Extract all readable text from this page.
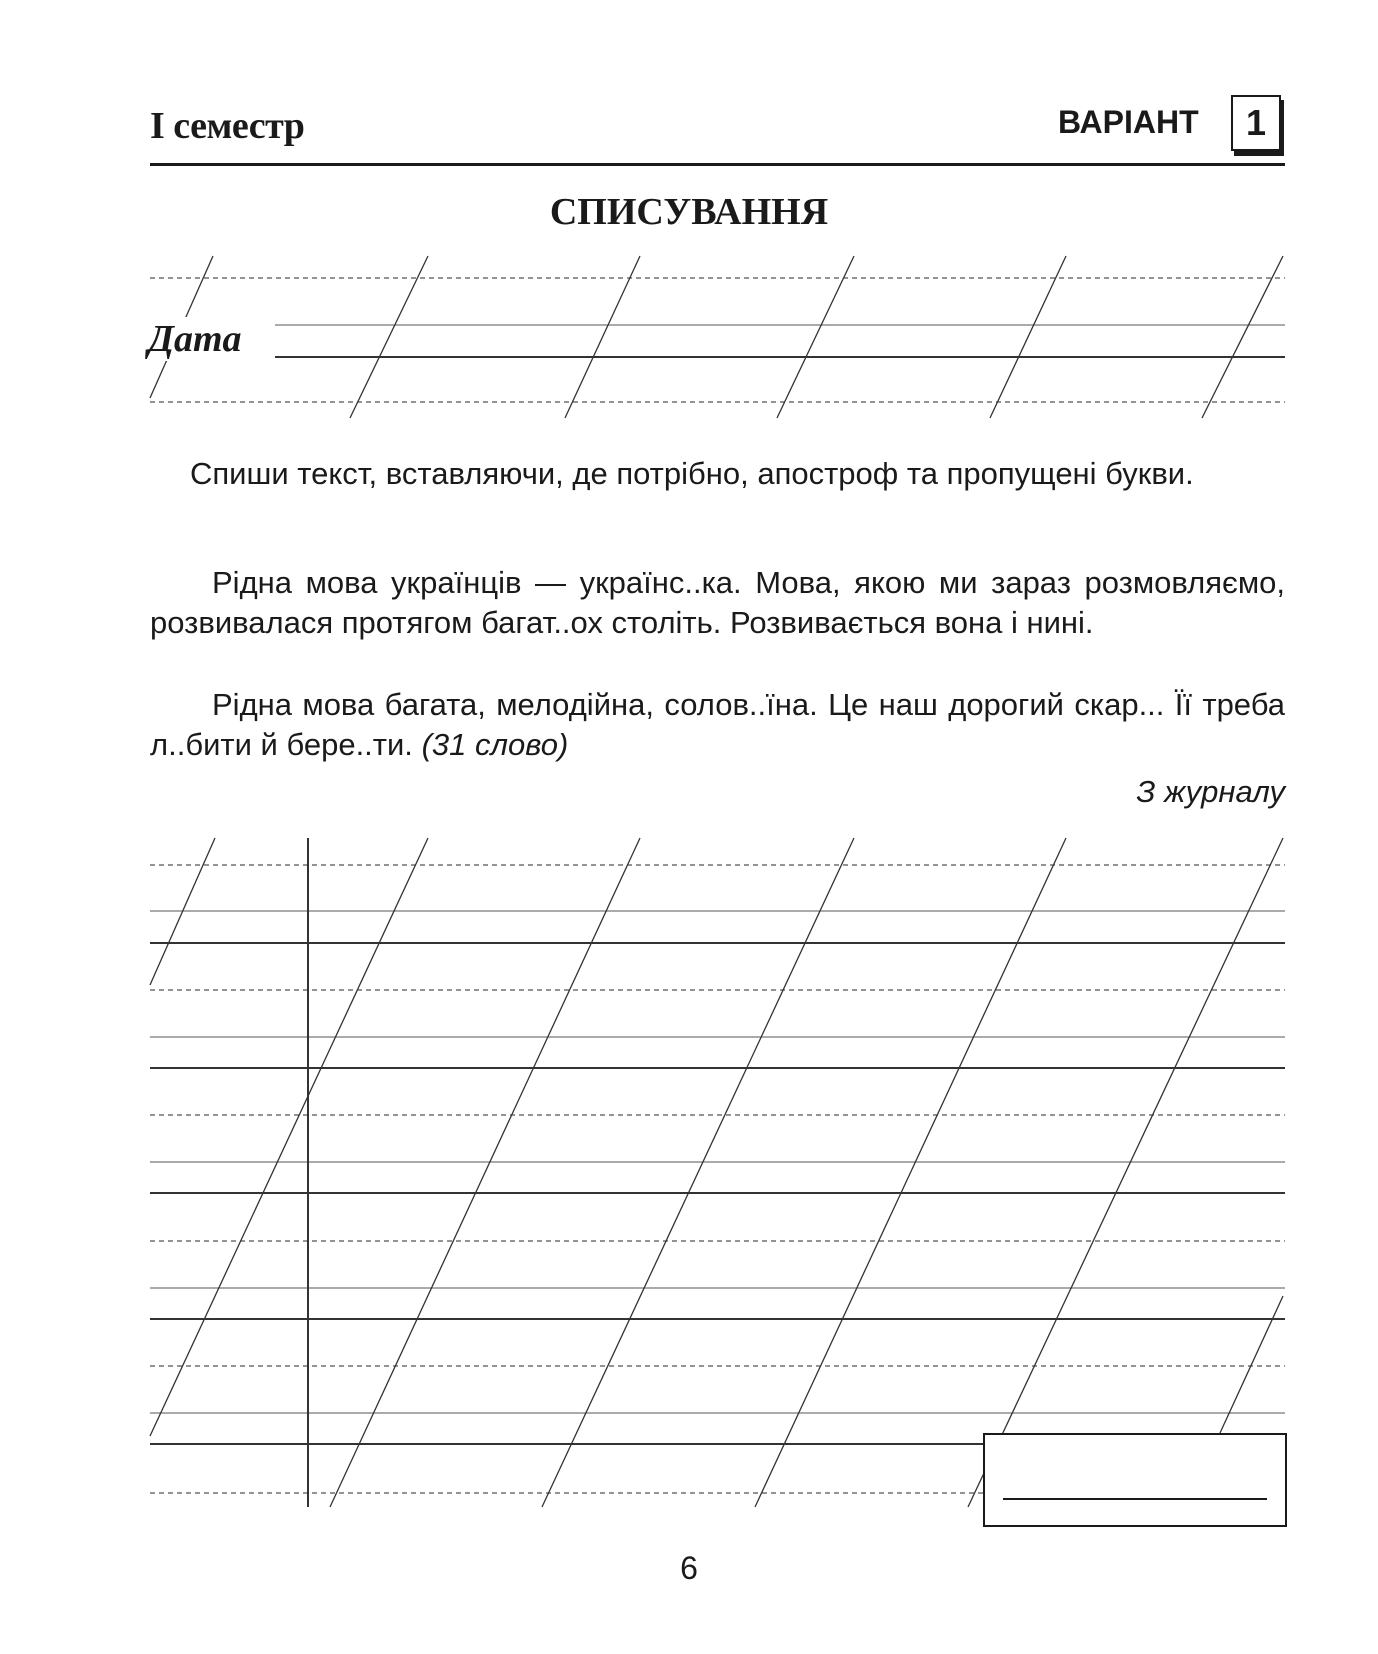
I семестр	ВАРІАНТ	1
СПИСУВАННЯ
Дата
Спиши текст, вставляючи, де потрібно, апостроф та пропущені букви.
Рідна мова українців — українс..ка. Мова, якою ми зараз розмовляємо, розвивалася протягом багат..ох століть. Розвивається вона і нині.
Рідна мова багата, мелодійна, солов..їна. Це наш дорогий скар... Її треба л..бити й бере..ти. (31 слово)
З журналу
6
